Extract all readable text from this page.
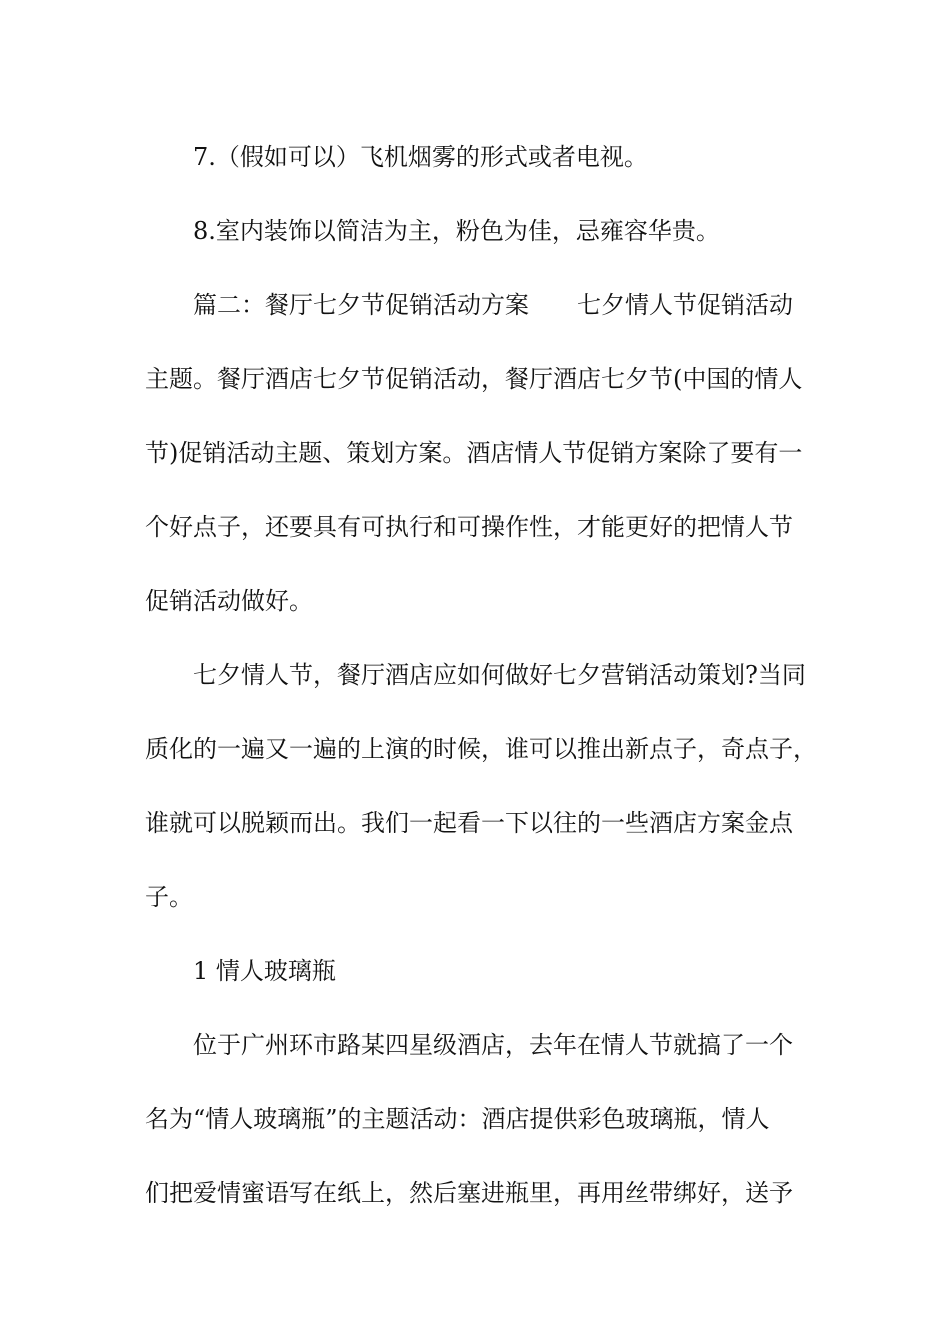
7.（假如可以）飞机烟雾的形式或者电视。
8.室内装饰以简洁为主，粉色为佳，忌雍容华贵。
篇二：餐厅七夕节促销活动方案　　七夕情人节促销活动
主题。餐厅酒店七夕节促销活动，餐厅酒店七夕节(中国的情人
节)促销活动主题、策划方案。酒店情人节促销方案除了要有一
个好点子，还要具有可执行和可操作性，才能更好的把情人节
促销活动做好。
七夕情人节，餐厅酒店应如何做好七夕营销活动策划?当同
质化的一遍又一遍的上演的时候，谁可以推出新点子，奇点子，
谁就可以脱颖而出。我们一起看一下以往的一些酒店方案金点
子。
1 情人玻璃瓶
位于广州环市路某四星级酒店，去年在情人节就搞了一个
名为“情人玻璃瓶”的主题活动：酒店提供彩色玻璃瓶，情人
们把爱情蜜语写在纸上，然后塞进瓶里，再用丝带绑好，送予
